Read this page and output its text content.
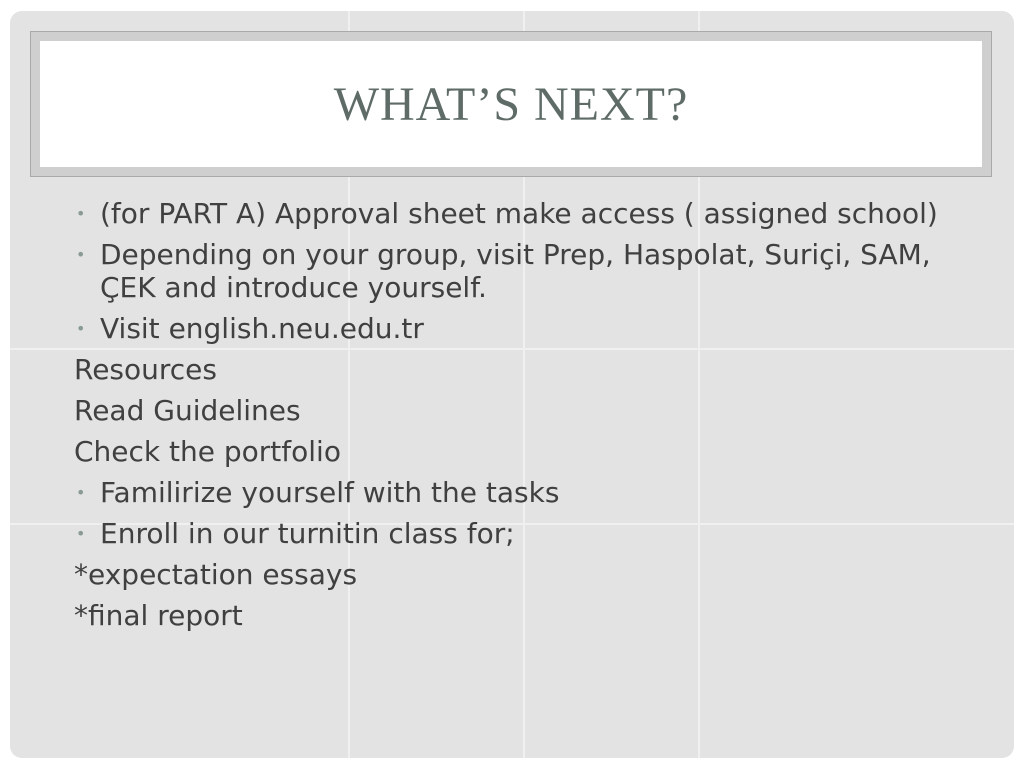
WHAT’S NEXT?
• (for PART A) Approval sheet make access ( assigned school)
• Depending on your group, visit Prep, Haspolat, Suriçi, SAM, ÇEK and introduce yourself.
• Visit english.neu.edu.tr
Resources
Read Guidelines
Check the portfolio
• Familirize yourself with the tasks
• Enroll in our turnitin class for;
*expectation essays
*final report
